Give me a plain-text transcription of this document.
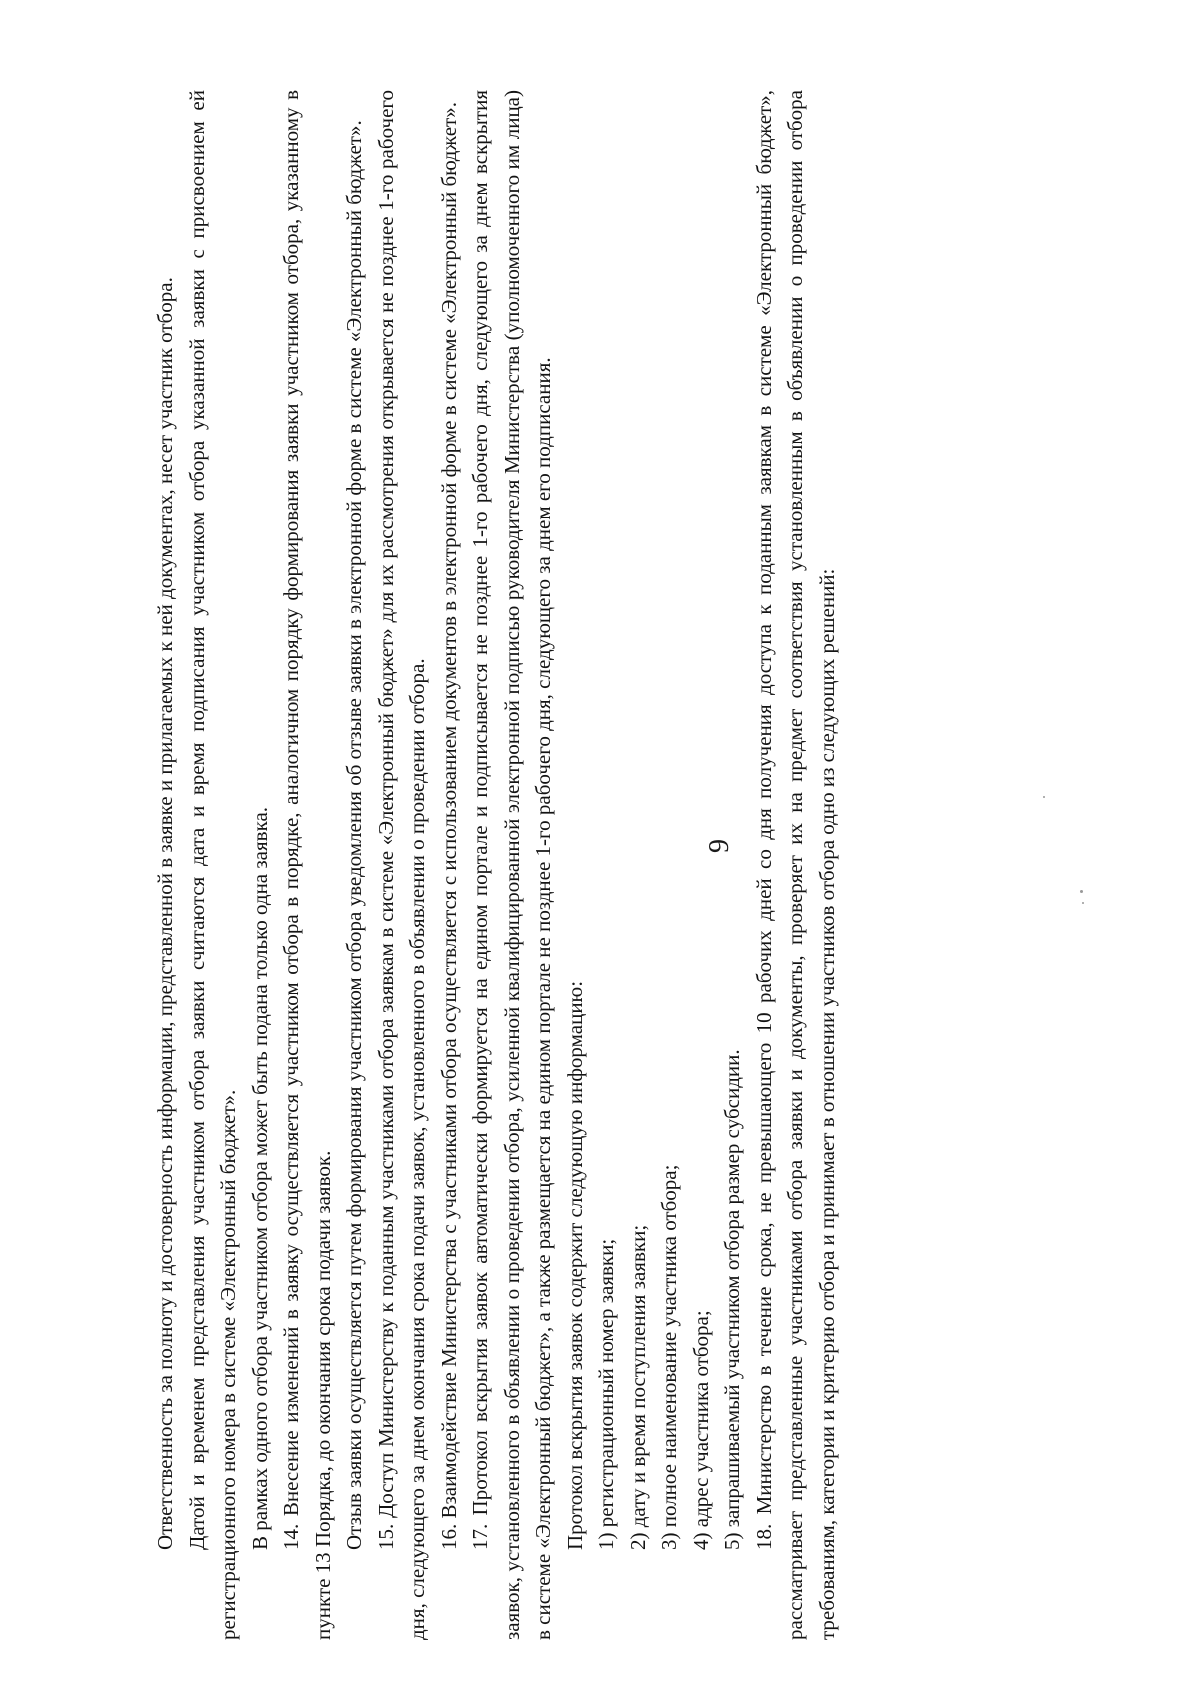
9

Ответственность за полноту и достоверность информации, представленной в заявке и прилагаемых к ней документах, несет участник отбора. Датой и временем представления участником отбора заявки считаются дата и время подписания участником отбора указанной заявки с присвоением ей регистрационного номера в системе «Электронный бюджет». В рамках одного отбора участником отбора может быть подана только одна заявка. 14. Внесение изменений в заявку осуществляется участником отбора в порядке, аналогичном порядку формирования заявки участником отбора, указанному в пункте 13 Порядка, до окончания срока подачи заявок. Отзыв заявки осуществляется путем формирования участником отбора уведомления об отзыве заявки в электронной форме в системе «Электронный бюджет». 15. Доступ Министерству к поданным участниками отбора заявкам в системе «Электронный бюджет» для их рассмотрения открывается не позднее 1-го рабочего дня, следующего за днем окончания срока подачи заявок, установленного в объявлении о проведении отбора. 16. Взаимодействие Министерства с участниками отбора осуществляется с использованием документов в электронной форме в системе «Электронный бюджет». 17. Протокол вскрытия заявок автоматически формируется на едином портале и подписывается не позднее 1-го рабочего дня, следующего за днем вскрытия заявок, установленного в объявлении о проведении отбора, усиленной квалифицированной электронной подписью руководителя Министерства (уполномоченного им лица) в системе «Электронный бюджет», а также размещается на едином портале не позднее 1-го рабочего дня, следующего за днем его подписания. Протокол вскрытия заявок содержит следующую информацию: 1) регистрационный номер заявки; 2) дату и время поступления заявки; 3) полное наименование участника отбора; 4) адрес участника отбора; 5) запрашиваемый участником отбора размер субсидии. 18. Министерство в течение срока, не превышающего 10 рабочих дней со дня получения доступа к поданным заявкам в системе «Электронный бюджет», рассматривает представленные участниками отбора заявки и документы, проверяет их на предмет соответствия установленным в объявлении о проведении отбора требованиям, категории и критерию отбора и принимает в отношении участников отбора одно из следующих решений:
